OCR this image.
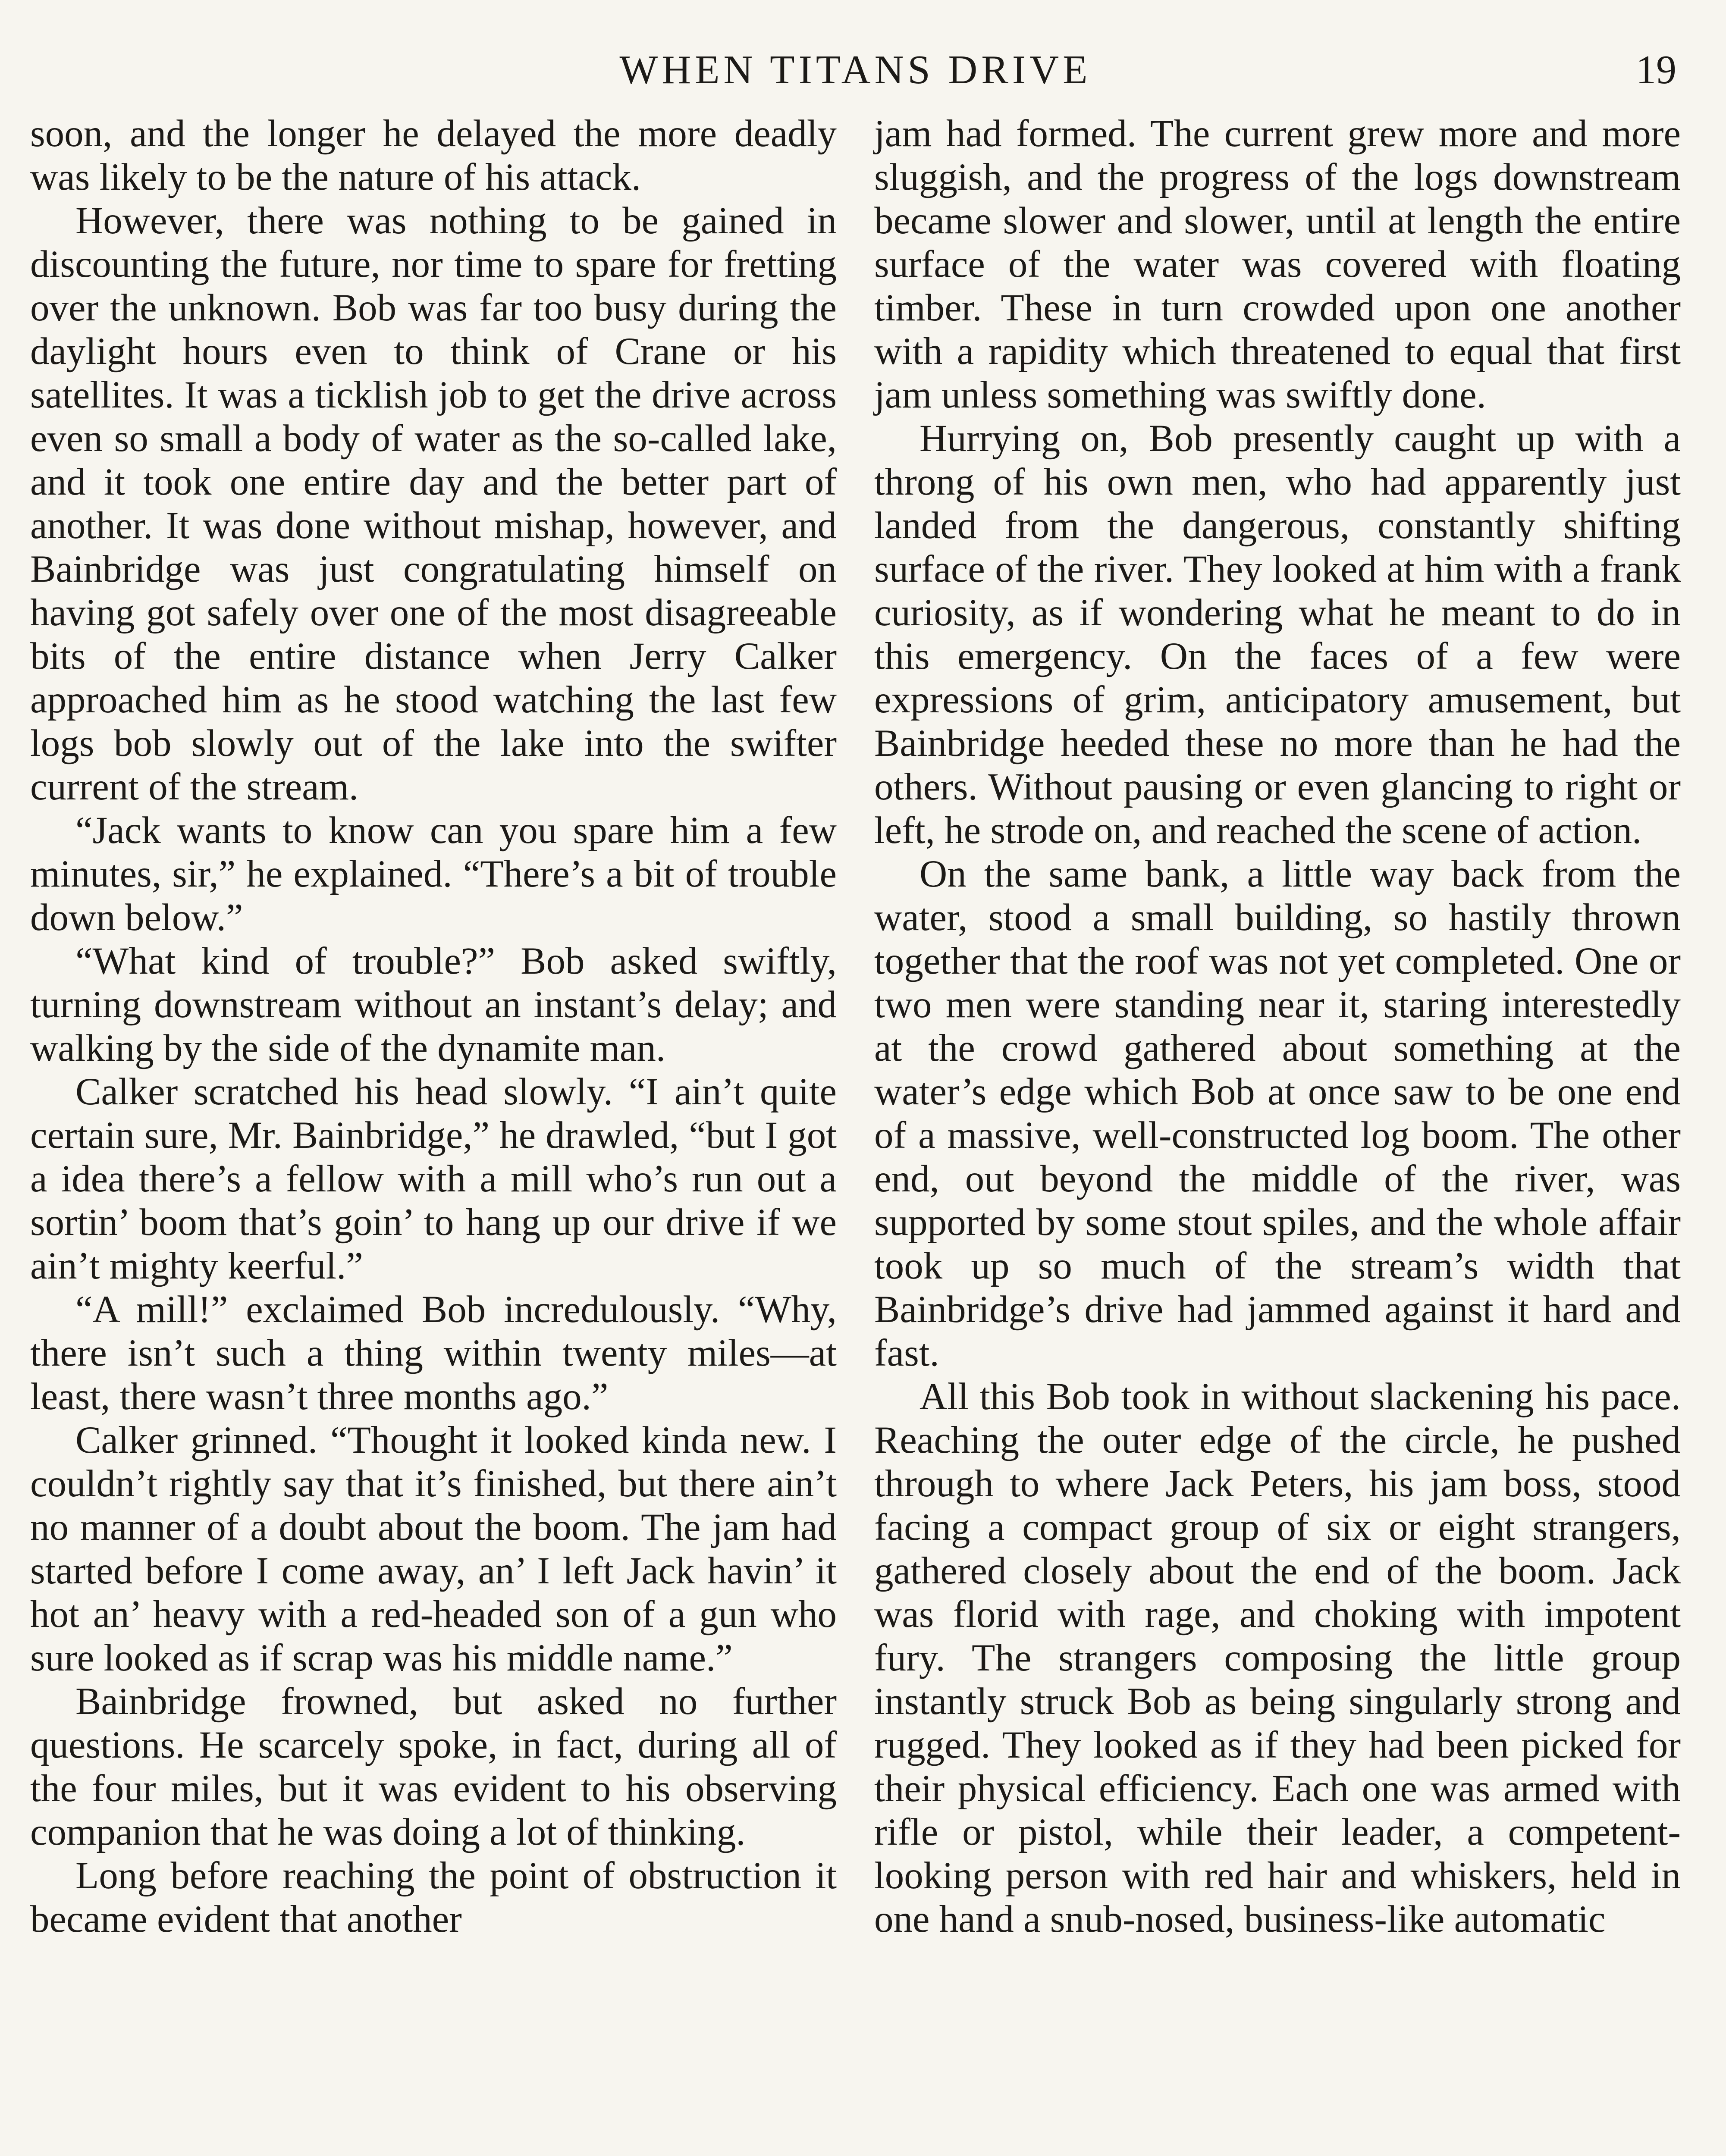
WHEN TITANS DRIVE	19

soon, and the longer he delayed the more deadly was likely to be the nature of his attack.

However, there was nothing to be gained in discounting the future, nor time to spare for fretting over the unknown. Bob was far too busy during the daylight hours even to think of Crane or his satellites. It was a ticklish job to get the drive across even so small a body of water as the so-called lake, and it took one entire day and the better part of another. It was done without mishap, however, and Bainbridge was just congratulating himself on having got safely over one of the most disagreeable bits of the entire distance when Jerry Calker approached him as he stood watching the last few logs bob slowly out of the lake into the swifter current of the stream.

“Jack wants to know can you spare him a few minutes, sir,” he explained. “There’s a bit of trouble down below.”

“What kind of trouble?” Bob asked swiftly, turning downstream without an instant’s delay; and walking by the side of the dynamite man.

Calker scratched his head slowly. “I ain’t quite certain sure, Mr. Bainbridge,” he drawled, “but I got a idea there’s a fellow with a mill who’s run out a sortin’ boom that’s goin’ to hang up our drive if we ain’t mighty keerful.”

“A mill!” exclaimed Bob incredulously. “Why, there isn’t such a thing within twenty miles—at least, there wasn’t three months ago.”

Calker grinned. “Thought it looked kinda new. I couldn’t rightly say that it’s finished, but there ain’t no manner of a doubt about the boom. The jam had started before I come away, an’ I left Jack havin’ it hot an’ heavy with a red-headed son of a gun who sure looked as if scrap was his middle name.”

Bainbridge frowned, but asked no further questions. He scarcely spoke, in fact, during all of the four miles, but it was evident to his observing companion that he was doing a lot of thinking.

Long before reaching the point of obstruction it became evident that another

jam had formed. The current grew more and more sluggish, and the progress of the logs downstream became slower and slower, until at length the entire surface of the water was covered with floating timber. These in turn crowded upon one another with a rapidity which threatened to equal that first jam unless something was swiftly done.

Hurrying on, Bob presently caught up with a throng of his own men, who had apparently just landed from the dangerous, constantly shifting surface of the river. They looked at him with a frank curiosity, as if wondering what he meant to do in this emergency. On the faces of a few were expressions of grim, anticipatory amusement, but Bainbridge heeded these no more than he had the others. Without pausing or even glancing to right or left, he strode on, and reached the scene of action.

On the same bank, a little way back from the water, stood a small building, so hastily thrown together that the roof was not yet completed. One or two men were standing near it, staring interestedly at the crowd gathered about something at the water’s edge which Bob at once saw to be one end of a massive, well-constructed log boom. The other end, out beyond the middle of the river, was supported by some stout spiles, and the whole affair took up so much of the stream’s width that Bainbridge’s drive had jammed against it hard and fast.

All this Bob took in without slackening his pace. Reaching the outer edge of the circle, he pushed through to where Jack Peters, his jam boss, stood facing a compact group of six or eight strangers, gathered closely about the end of the boom. Jack was florid with rage, and choking with impotent fury. The strangers composing the little group instantly struck Bob as being singularly strong and rugged. They looked as if they had been picked for their physical efficiency. Each one was armed with rifle or pistol, while their leader, a competent-looking person with red hair and whiskers, held in one hand a snub-nosed, business-like automatic
